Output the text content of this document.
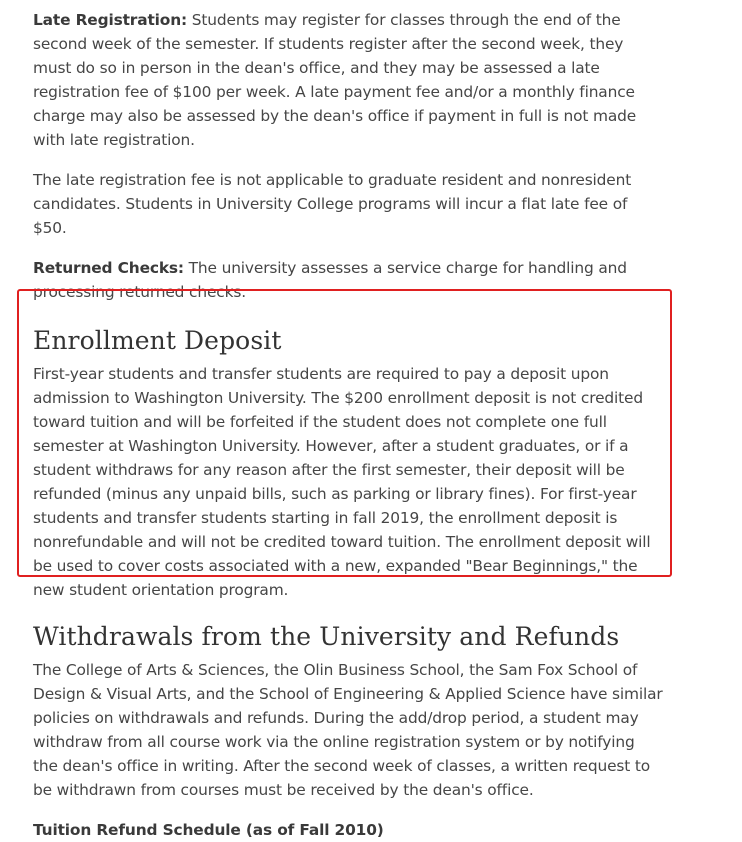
Late Registration: Students may register for classes through the end of the second week of the semester. If students register after the second week, they must do so in person in the dean's office, and they may be assessed a late registration fee of $100 per week. A late payment fee and/or a monthly finance charge may also be assessed by the dean's office if payment in full is not made with late registration.

The late registration fee is not applicable to graduate resident and nonresident candidates. Students in University College programs will incur a flat late fee of $50.

Returned Checks: The university assesses a service charge for handling and processing returned checks.

Enrollment Deposit

First-year students and transfer students are required to pay a deposit upon admission to Washington University. The $200 enrollment deposit is not credited toward tuition and will be forfeited if the student does not complete one full semester at Washington University. However, after a student graduates, or if a student withdraws for any reason after the first semester, their deposit will be refunded (minus any unpaid bills, such as parking or library fines). For first-year students and transfer students starting in fall 2019, the enrollment deposit is nonrefundable and will not be credited toward tuition. The enrollment deposit will be used to cover costs associated with a new, expanded "Bear Beginnings," the new student orientation program.

Withdrawals from the University and Refunds

The College of Arts & Sciences, the Olin Business School, the Sam Fox School of Design & Visual Arts, and the School of Engineering & Applied Science have similar policies on withdrawals and refunds. During the add/drop period, a student may withdraw from all course work via the online registration system or by notifying the dean's office in writing. After the second week of classes, a written request to be withdrawn from courses must be received by the dean's office.

Tuition Refund Schedule (as of Fall 2010)
